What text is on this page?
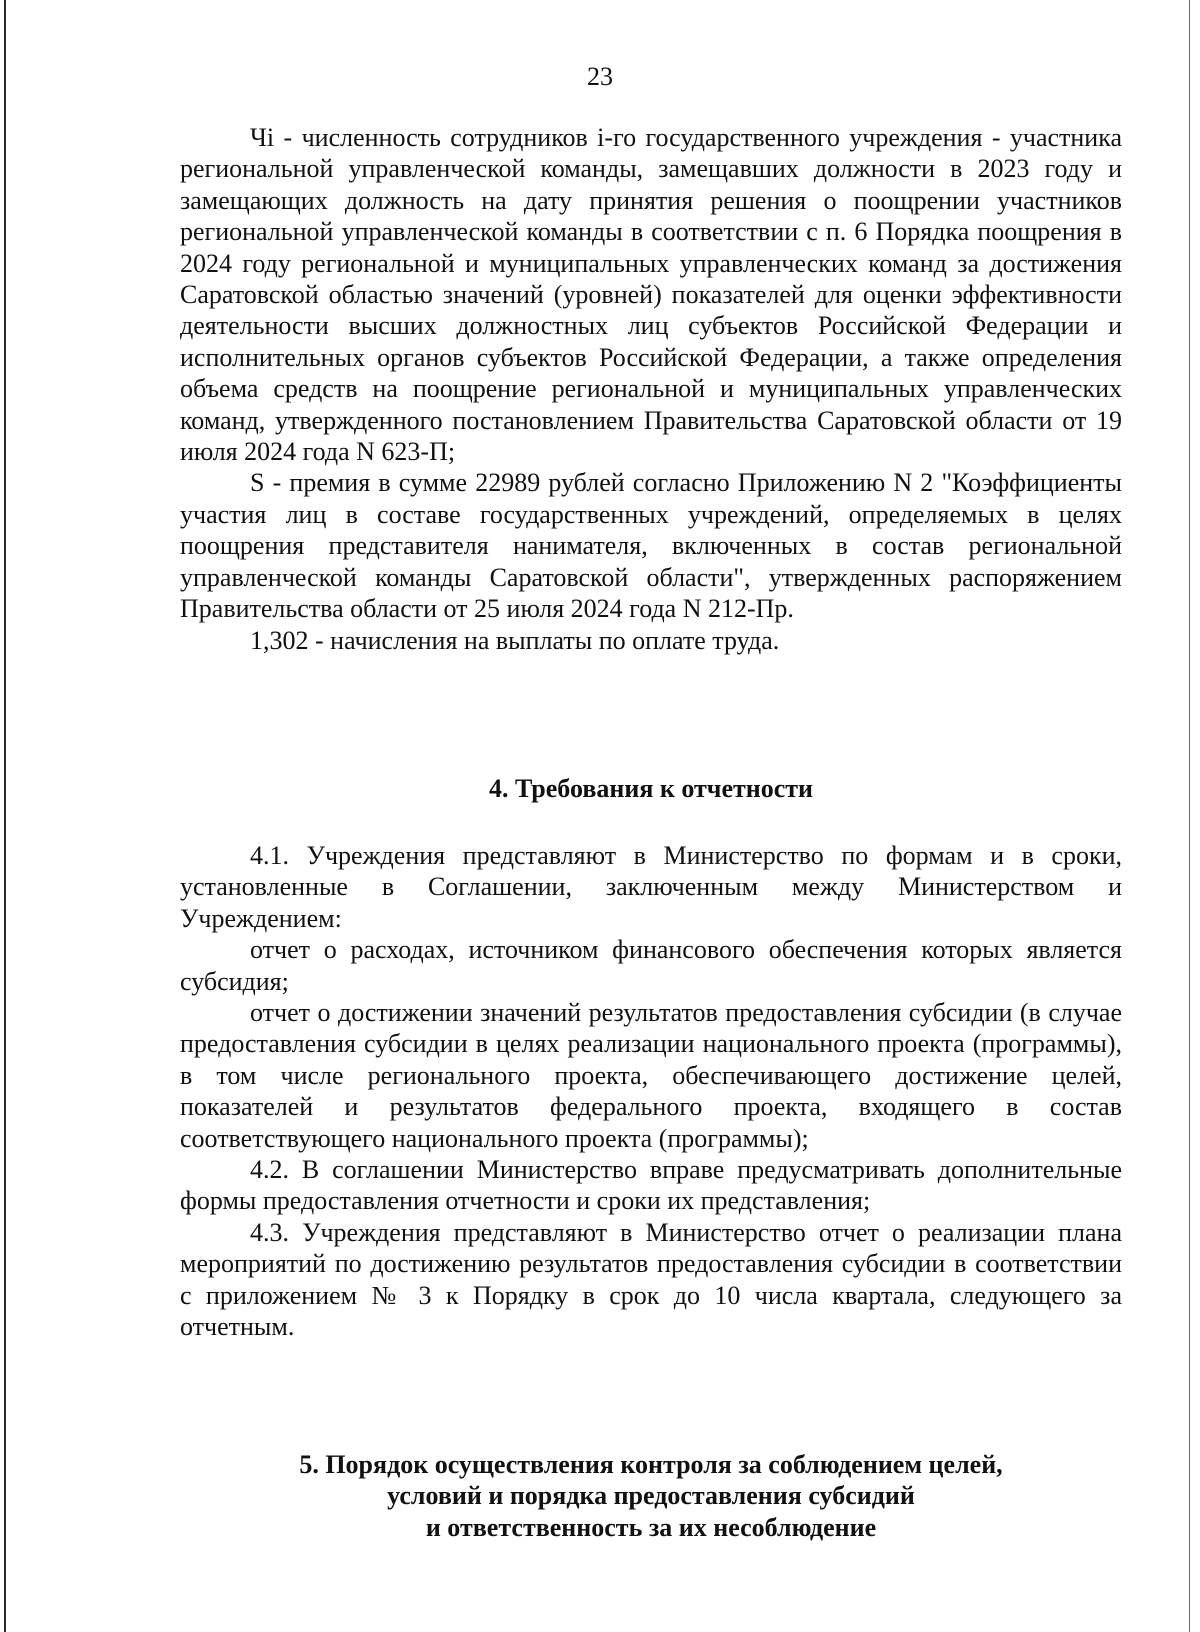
23

Чi - численность сотрудников i-го государственного учреждения - участника региональной управленческой команды, замещавших должности в 2023 году и замещающих должность на дату принятия решения о поощрении участников региональной управленческой команды в соответствии с п. 6 Порядка поощрения в 2024 году региональной и муниципальных управленческих команд за достижения Саратовской областью значений (уровней) показателей для оценки эффективности деятельности высших должностных лиц субъектов Российской Федерации и исполнительных органов субъектов Российской Федерации, а также определения объема средств на поощрение региональной и муниципальных управленческих команд, утвержденного постановлением Правительства Саратовской области от 19 июля 2024 года N 623-П;

S - премия в сумме 22989 рублей согласно Приложению N 2 "Коэффициенты участия лиц в составе государственных учреждений, определяемых в целях поощрения представителя нанимателя, включенных в состав региональной управленческой команды Саратовской области", утвержденных распоряжением Правительства области от 25 июля 2024 года N 212-Пр.

1,302 - начисления на выплаты по оплате труда.

4. Требования к отчетности

4.1. Учреждения представляют в Министерство по формам и в сроки, установленные в Соглашении, заключенным между Министерством и Учреждением:

отчет о расходах, источником финансового обеспечения которых является субсидия;

отчет о достижении значений результатов предоставления субсидии (в случае предоставления субсидии в целях реализации национального проекта (программы), в том числе регионального проекта, обеспечивающего достижение целей, показателей и результатов федерального проекта, входящего в состав соответствующего национального проекта (программы);

4.2. В соглашении Министерство вправе предусматривать дополнительные формы предоставления отчетности и сроки их представления;

4.3. Учреждения представляют в Министерство отчет о реализации плана мероприятий по достижению результатов предоставления субсидии в соответствии с приложением № 3 к Порядку в срок до 10 числа квартала, следующего за отчетным.

5. Порядок осуществления контроля за соблюдением целей,
условий и порядка предоставления субсидий
и ответственность за их несоблюдение
